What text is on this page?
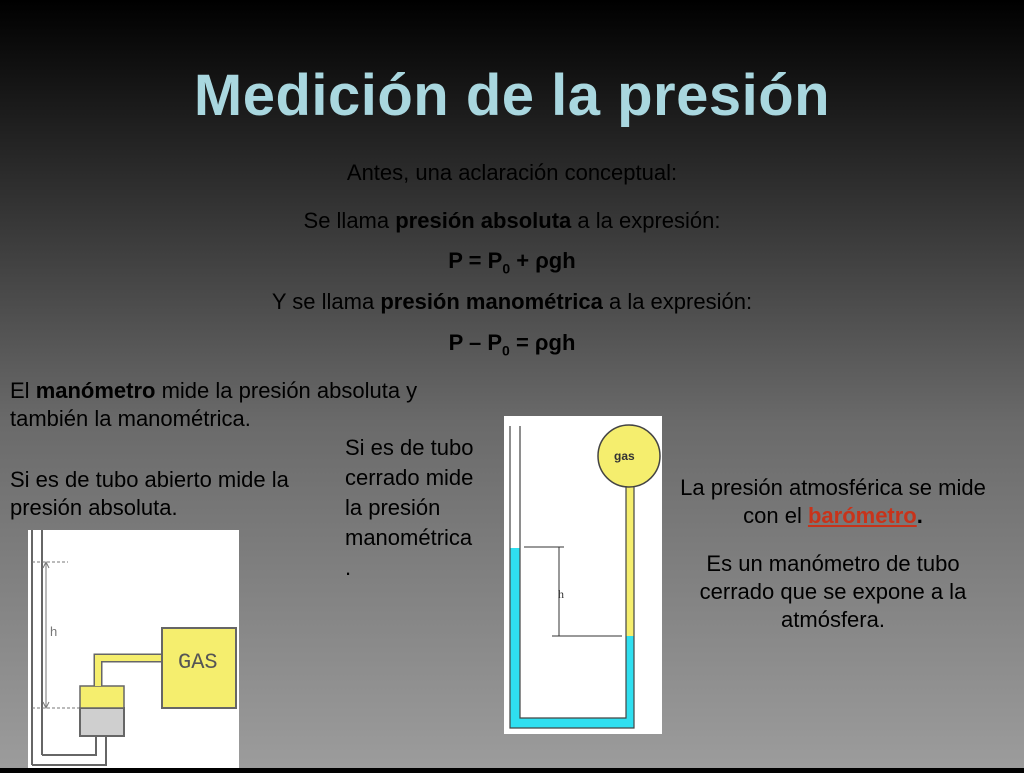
Medición de la presión
Antes, una aclaración conceptual:
Se llama presión absoluta a la expresión:
$P = P_0 + \rho gh$
Y se llama presión manométrica a la expresión:
$P - P_0 = \rho gh$
El manómetro mide la presión absoluta y también la manométrica.
Si es de tubo abierto mide la presión absoluta.
Si es de tubo cerrado mide la presión manométrica
.
La presión atmosférica se mide con el barómetro.
Es un manómetro de tubo cerrado que se expone a la atmósfera.
GAS
h
gas
h
